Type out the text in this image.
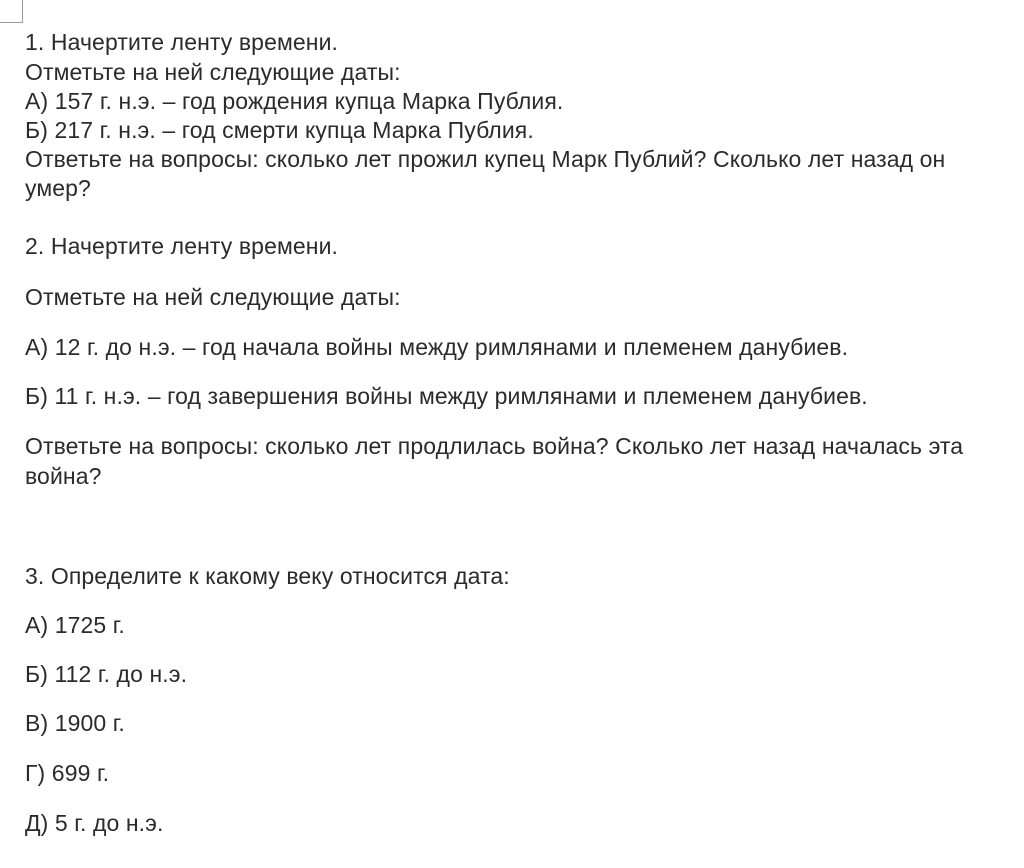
1. Начертите ленту времени.
Отметьте на ней следующие даты:
А) 157 г. н.э. – год рождения купца Марка Публия.
Б) 217 г. н.э. – год смерти купца Марка Публия.
Ответьте на вопросы: сколько лет прожил купец Марк Публий? Сколько лет назад он
умер?
2. Начертите ленту времени.
Отметьте на ней следующие даты:
А) 12 г. до н.э. – год начала войны между римлянами и племенем данубиев.
Б) 11 г. н.э. – год завершения войны между римлянами и племенем данубиев.
Ответьте на вопросы: сколько лет продлилась война? Сколько лет назад началась эта
война?
3. Определите к какому веку относится дата:
А) 1725 г.
Б) 112 г. до н.э.
В) 1900 г.
Г) 699 г.
Д) 5 г. до н.э.
